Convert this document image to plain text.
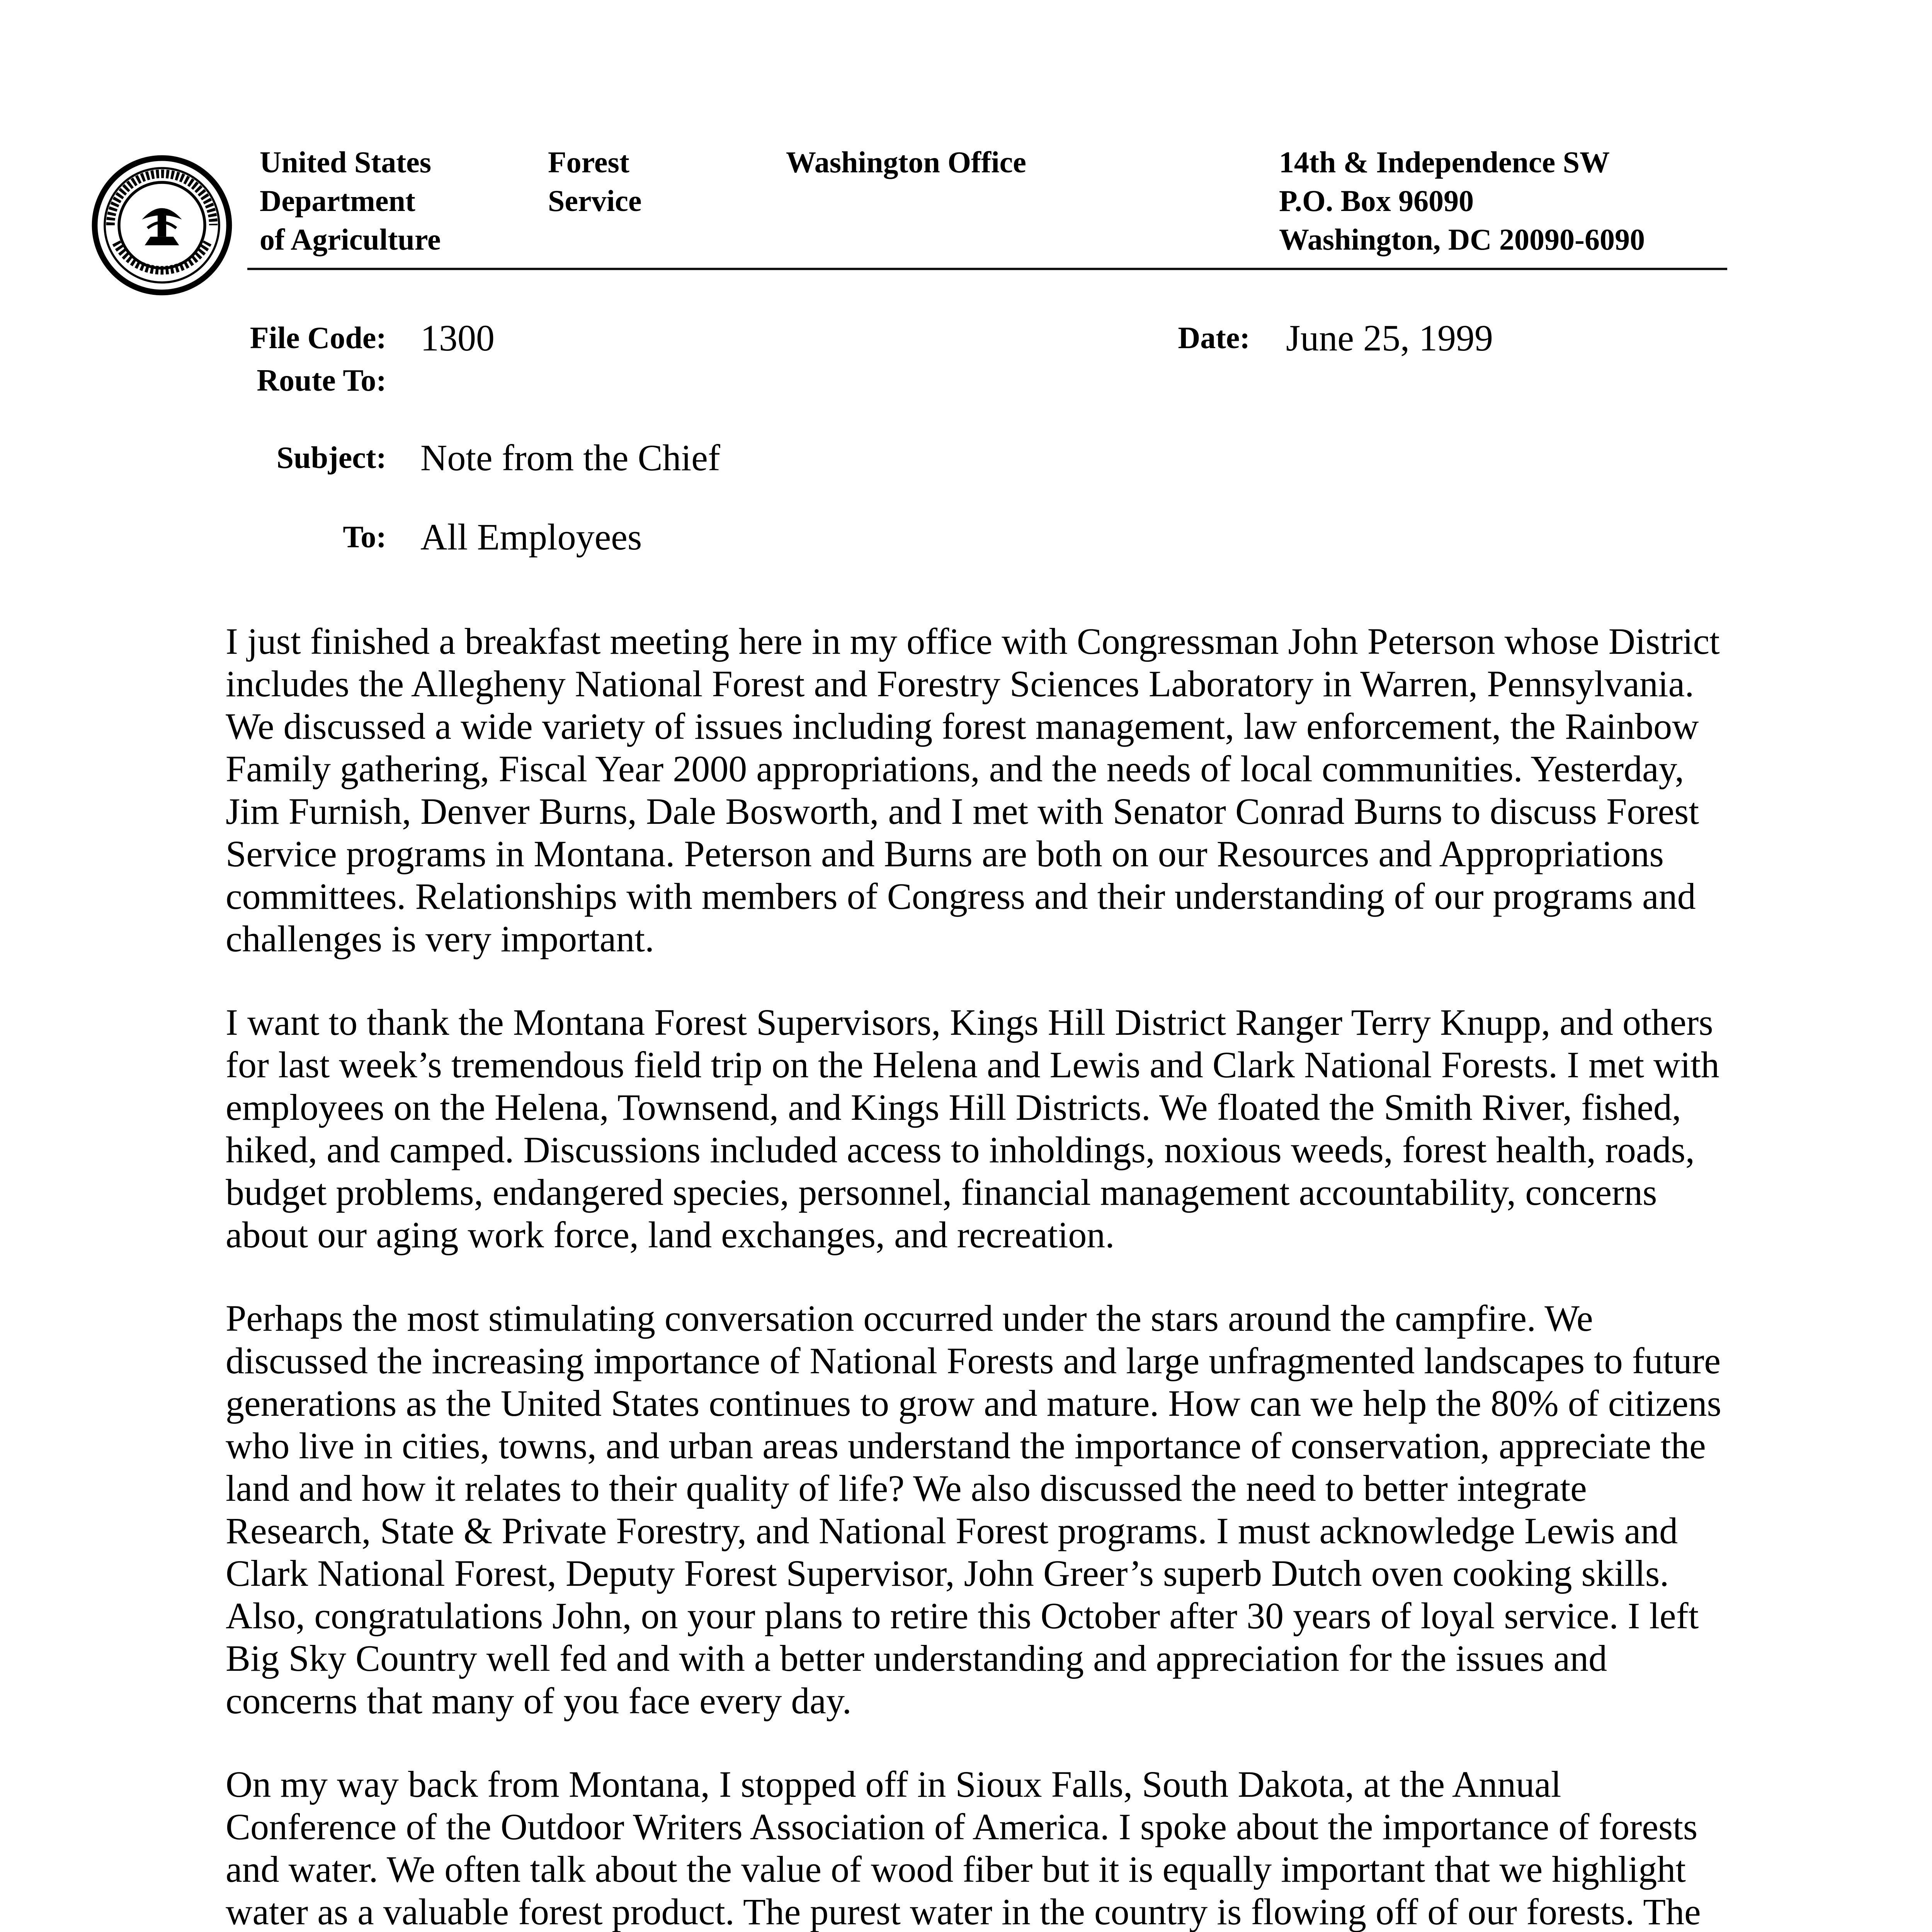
United States
Department
of Agriculture
Forest
Service
Washington Office	14th & Independence SW
P.O. Box 96090
Washington, DC 20090-6090
File Code: 1300
Route To:
Date: June 25, 1999
Subject: Note from the Chief
To: All Employees

I just finished a breakfast meeting here in my office with Congressman John Peterson whose District includes the Allegheny National Forest and Forestry Sciences Laboratory in Warren, Pennsylvania. We discussed a wide variety of issues including forest management, law enforcement, the Rainbow Family gathering, Fiscal Year 2000 appropriations, and the needs of local communities. Yesterday, Jim Furnish, Denver Burns, Dale Bosworth, and I met with Senator Conrad Burns to discuss Forest Service programs in Montana. Peterson and Burns are both on our Resources and Appropriations committees. Relationships with members of Congress and their understanding of our programs and challenges is very important.

I want to thank the Montana Forest Supervisors, Kings Hill District Ranger Terry Knupp, and others for last week’s tremendous field trip on the Helena and Lewis and Clark National Forests. I met with employees on the Helena, Townsend, and Kings Hill Districts. We floated the Smith River, fished, hiked, and camped. Discussions included access to inholdings, noxious weeds, forest health, roads, budget problems, endangered species, personnel, financial management accountability, concerns about our aging work force, land exchanges, and recreation.

Perhaps the most stimulating conversation occurred under the stars around the campfire. We discussed the increasing importance of National Forests and large unfragmented landscapes to future generations as the United States continues to grow and mature. How can we help the 80% of citizens who live in cities, towns, and urban areas understand the importance of conservation, appreciate the land and how it relates to their quality of life? We also discussed the need to better integrate Research, State & Private Forestry, and National Forest programs. I must acknowledge Lewis and Clark National Forest, Deputy Forest Supervisor, John Greer’s superb Dutch oven cooking skills. Also, congratulations John, on your plans to retire this October after 30 years of loyal service. I left Big Sky Country well fed and with a better understanding and appreciation for the issues and concerns that many of you face every day.

On my way back from Montana, I stopped off in Sioux Falls, South Dakota, at the Annual Conference of the Outdoor Writers Association of America. I spoke about the importance of forests and water. We often talk about the value of wood fiber but it is equally important that we highlight water as a valuable forest product. The purest water in the country is flowing off of our forests. The
